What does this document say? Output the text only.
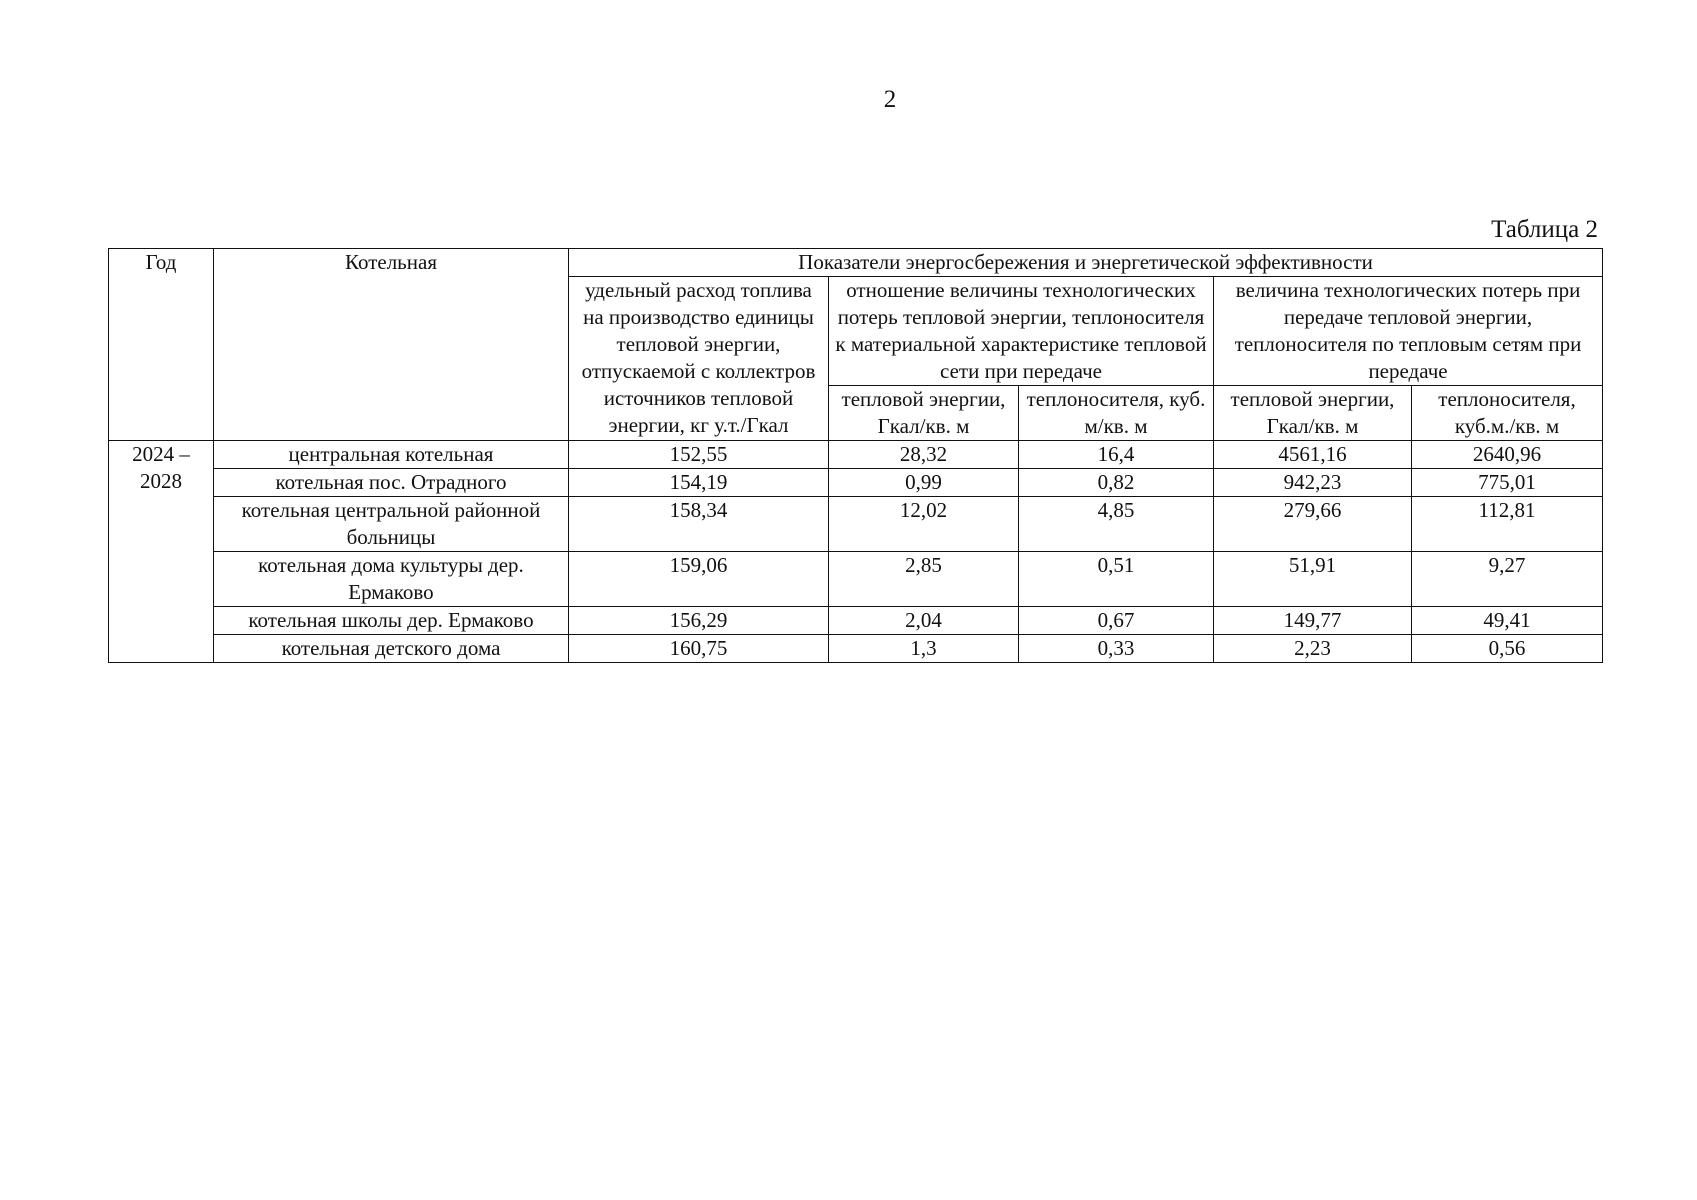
2
Таблица 2
Год	Котельная	Показатели энергосбережения и энергетической эффективности				
		удельный расход топлива на производство единицы тепловой энергии, отпускаемой с коллектров источников тепловой энергии, кг у.т./Гкал	отношение величины технологических потерь тепловой энергии, теплоносителя к материальной характеристике тепловой сети при передаче		величина технологических потерь при передаче тепловой энергии, теплоносителя по тепловым сетям при передаче	
			тепловой энергии, Гкал/кв. м	теплоносителя, куб. м/кв. м	тепловой энергии, Гкал/кв. м	теплоносителя, куб.м./кв. м
2024 – 2028	центральная котельная	152,55	28,32	16,4	4561,16	2640,96
	котельная пос. Отрадного	154,19	0,99	0,82	942,23	775,01
	котельная центральной районной больницы	158,34	12,02	4,85	279,66	112,81
	котельная дома культуры дер. Ермаково	159,06	2,85	0,51	51,91	9,27
	котельная школы дер. Ермаково	156,29	2,04	0,67	149,77	49,41
	котельная детского дома	160,75	1,3	0,33	2,23	0,56
